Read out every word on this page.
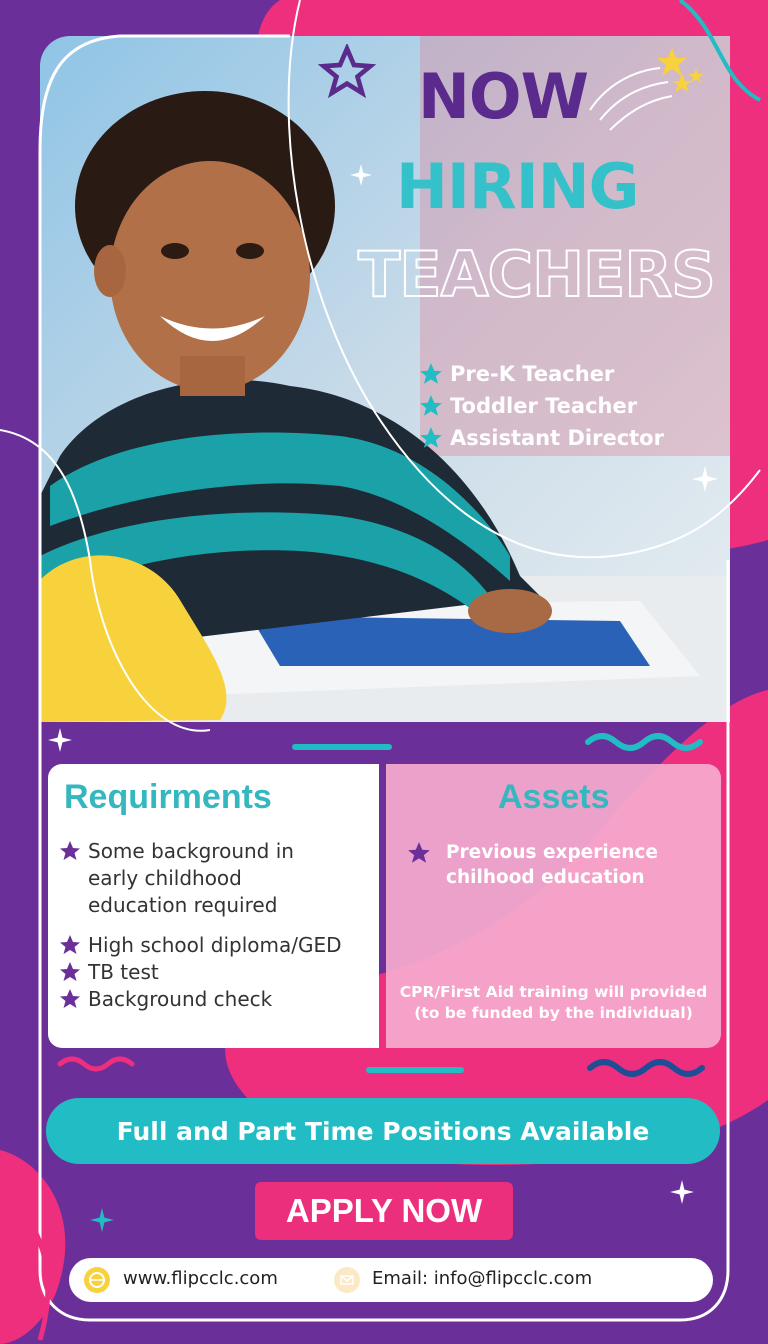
NOW
HIRING
TEACHERS
Pre-K Teacher
Toddler Teacher
Assistant Director
Requirments
Some background in
early childhood
education required
High school diploma/GED
TB test
Background check
Assets
Previous experience
chilhood education
CPR/First Aid training will provided
(to be funded by the individual)
Full and Part Time Positions Available
APPLY NOW
www.flipcclc.com	Email: info@flipcclc.com
